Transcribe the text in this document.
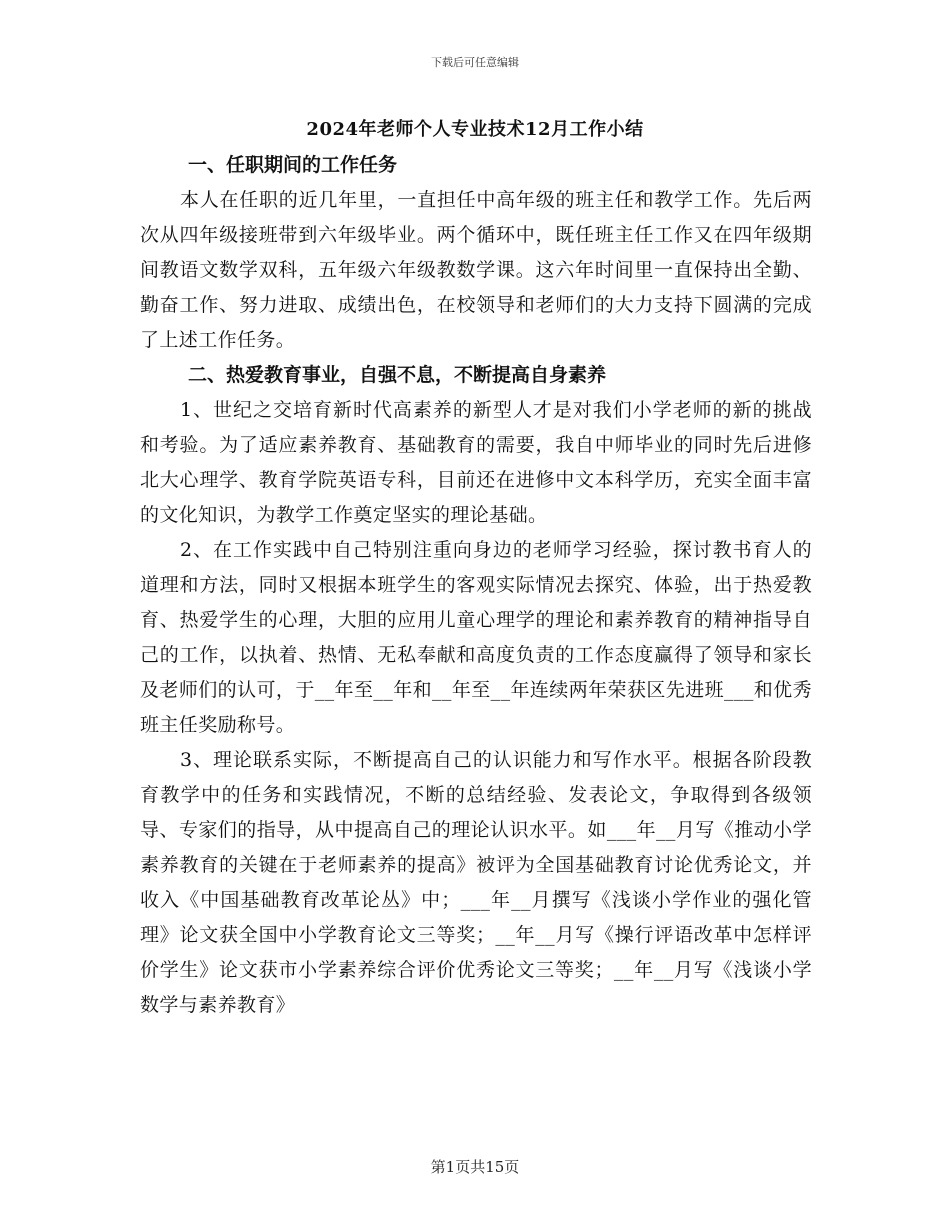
下载后可任意编辑
2024年老师个人专业技术12月工作小结
一、任职期间的工作任务

本人在任职的近几年里，一直担任中高年级的班主任和教学工作。先后两次从四年级接班带到六年级毕业。两个循环中，既任班主任工作又在四年级期间教语文数学双科，五年级六年级教数学课。这六年时间里一直保持出全勤、勤奋工作、努力进取、成绩出色，在校领导和老师们的大力支持下圆满的完成了上述工作任务。

二、热爱教育事业，自强不息，不断提高自身素养

1、世纪之交培育新时代高素养的新型人才是对我们小学老师的新的挑战和考验。为了适应素养教育、基础教育的需要，我自中师毕业的同时先后进修北大心理学、教育学院英语专科，目前还在进修中文本科学历，充实全面丰富的文化知识，为教学工作奠定坚实的理论基础。

2、在工作实践中自己特别注重向身边的老师学习经验，探讨教书育人的道理和方法，同时又根据本班学生的客观实际情况去探究、体验，出于热爱教育、热爱学生的心理，大胆的应用儿童心理学的理论和素养教育的精神指导自己的工作，以执着、热情、无私奉献和高度负责的工作态度赢得了领导和家长及老师们的认可，于__年至__年和__年至__年连续两年荣获区先进班___和优秀班主任奖励称号。

3、理论联系实际，不断提高自己的认识能力和写作水平。根据各阶段教育教学中的任务和实践情况，不断的总结经验、发表论文，争取得到各级领导、专家们的指导，从中提高自己的理论认识水平。如___年__月写《推动小学素养教育的关键在于老师素养的提高》被评为全国基础教育讨论优秀论文，并收入《中国基础教育改革论丛》中；___年__月撰写《浅谈小学作业的强化管理》论文获全国中小学教育论文三等奖；__年__月写《操行评语改革中怎样评价学生》论文获市小学素养综合评价优秀论文三等奖；__年__月写《浅谈小学数学与素养教育》

第1页共15页
